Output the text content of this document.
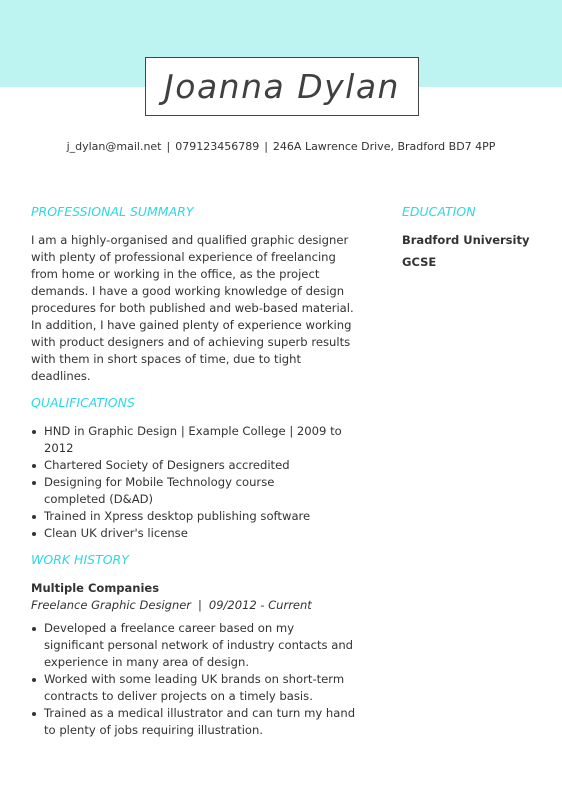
Joanna Dylan
j_dylan@mail.net | 079123456789 | 246A Lawrence Drive, Bradford BD7 4PP
PROFESSIONAL SUMMARY

I am a highly-organised and qualified graphic designer with plenty of professional experience of freelancing from home or working in the office, as the project demands. I have a good working knowledge of design procedures for both published and web-based material. In addition, I have gained plenty of experience working with product designers and of achieving superb results with them in short spaces of time, due to tight deadlines.

EDUCATION
Bradford University
GCSE
QUALIFICATIONS
HND in Graphic Design | Example College | 2009 to 2012
Chartered Society of Designers accredited
Designing for Mobile Technology course completed (D&AD)
Trained in Xpress desktop publishing software
Clean UK driver's license
WORK HISTORY
Multiple Companies
Freelance Graphic Designer | 09/2012 - Current
Developed a freelance career based on my significant personal network of industry contacts and experience in many area of design.
Worked with some leading UK brands on short-term contracts to deliver projects on a timely basis.
Trained as a medical illustrator and can turn my hand to plenty of jobs requiring illustration.
